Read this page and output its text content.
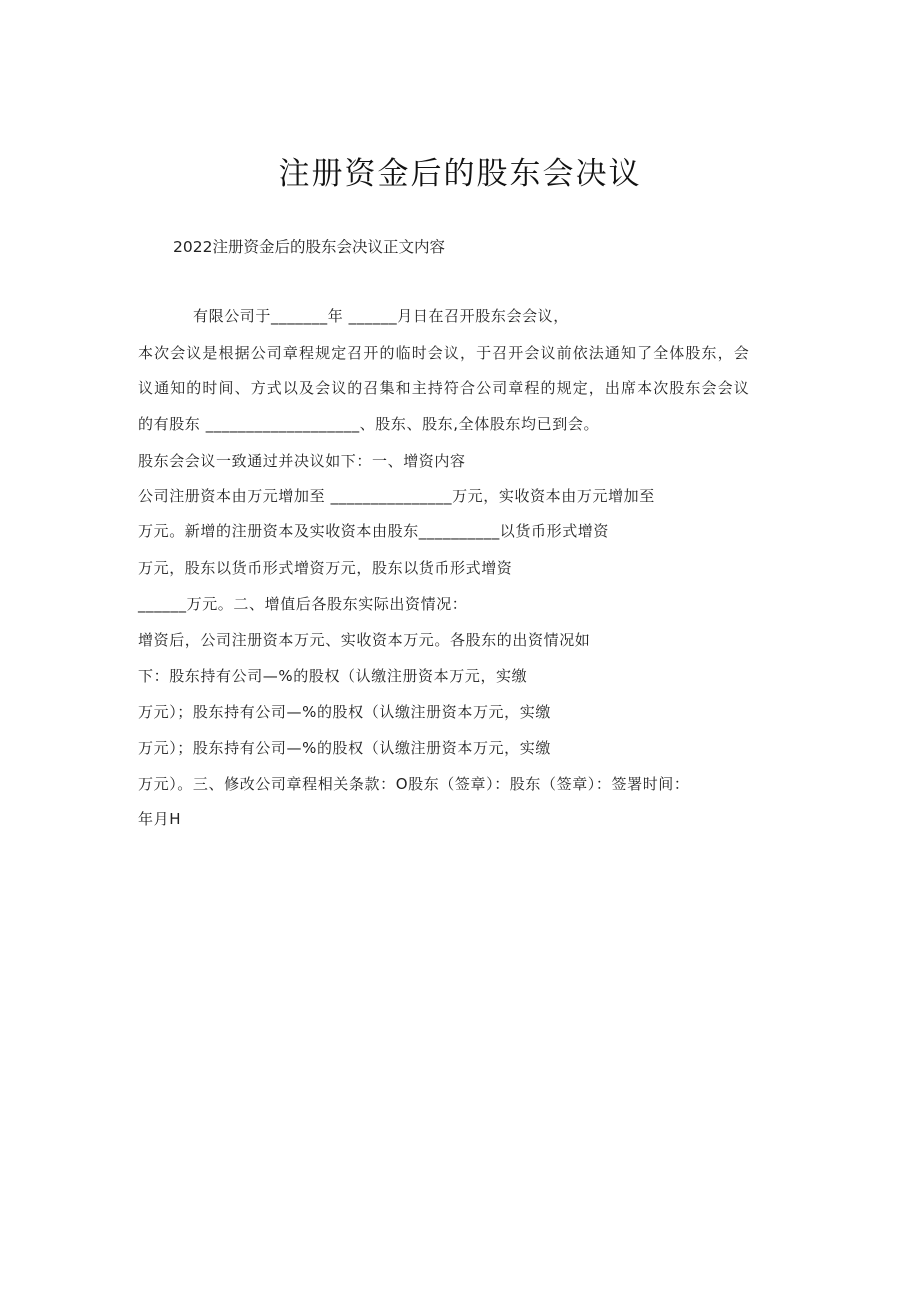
注册资金后的股东会决议
2022注册资金后的股东会决议正文内容
有限公司于_______年 ______月日在召开股东会会议，
本次会议是根据公司章程规定召开的临时会议，于召开会议前依法通知了全体股东，会
议通知的时间、方式以及会议的召集和主持符合公司章程的规定，出席本次股东会会议
的有股东 ___________________、股东、股东,全体股东均已到会。
股东会会议一致通过并决议如下：一、增资内容
公司注册资本由万元增加至 _______________万元，实收资本由万元增加至
万元。新增的注册资本及实收资本由股东__________以货币形式增资
万元，股东以货币形式增资万元，股东以货币形式增资
______万元。二、增值后各股东实际出资情况：
增资后，公司注册资本万元、实收资本万元。各股东的出资情况如
下：股东持有公司—%的股权（认缴注册资本万元，实缴
万元）；股东持有公司—%的股权（认缴注册资本万元，实缴
万元）；股东持有公司—%的股权（认缴注册资本万元，实缴
万元）。三、修改公司章程相关条款：O股东（签章）：股东（签章）：签署时间：
年月H
